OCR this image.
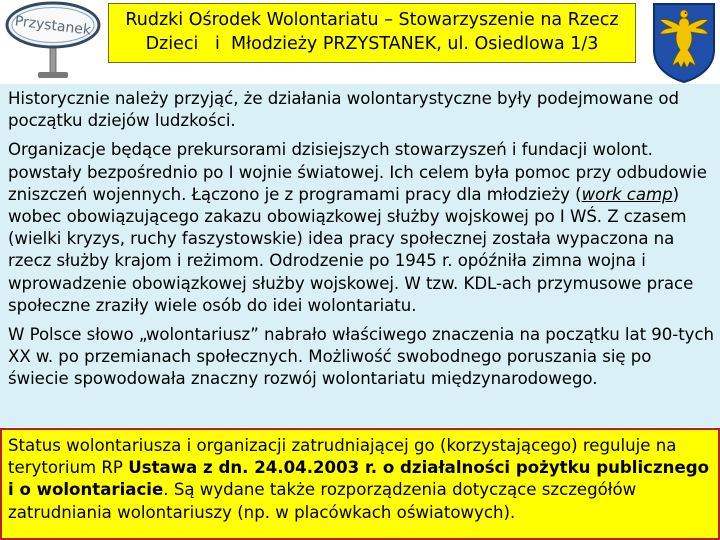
Przystanek	Rudzki Ośrodek Wolontariatu – Stowarzyszenie na Rzecz
Dzieci   i  Młodzieży PRZYSTANEK, ul. Osiedlowa 1/3

Historycznie należy przyjąć, że działania wolontarystyczne były podejmowane od początku dziejów ludzkości.

Organizacje będące prekursorami dzisiejszych stowarzyszeń i fundacji wolont. powstały bezpośrednio po I wojnie światowej. Ich celem była pomoc przy odbudowie zniszczeń wojennych. Łączono je z programami pracy dla młodzieży (work camp) wobec obowiązującego zakazu obowiązkowej służby wojskowej po I WŚ. Z czasem (wielki kryzys, ruchy faszystowskie) idea pracy społecznej została wypaczona na rzecz służby krajom i reżimom. Odrodzenie po 1945 r. opóźniła zimna wojna i wprowadzenie obowiązkowej służby wojskowej. W tzw. KDL-ach przymusowe prace społeczne zraziły wiele osób do idei wolontariatu.

W Polsce słowo „wolontariusz” nabrało właściwego znaczenia na początku lat 90-tych XX w. po przemianach społecznych. Możliwość swobodnego poruszania się po świecie spowodowała znaczny rozwój wolontariatu międzynarodowego.

Status wolontariusza i organizacji zatrudniającej go (korzystającego) reguluje na terytorium RP Ustawa z dn. 24.04.2003 r. o działalności pożytku publicznego i o wolontariacie. Są wydane także rozporządzenia dotyczące szczegółów zatrudniania wolontariuszy (np. w placówkach oświatowych).
